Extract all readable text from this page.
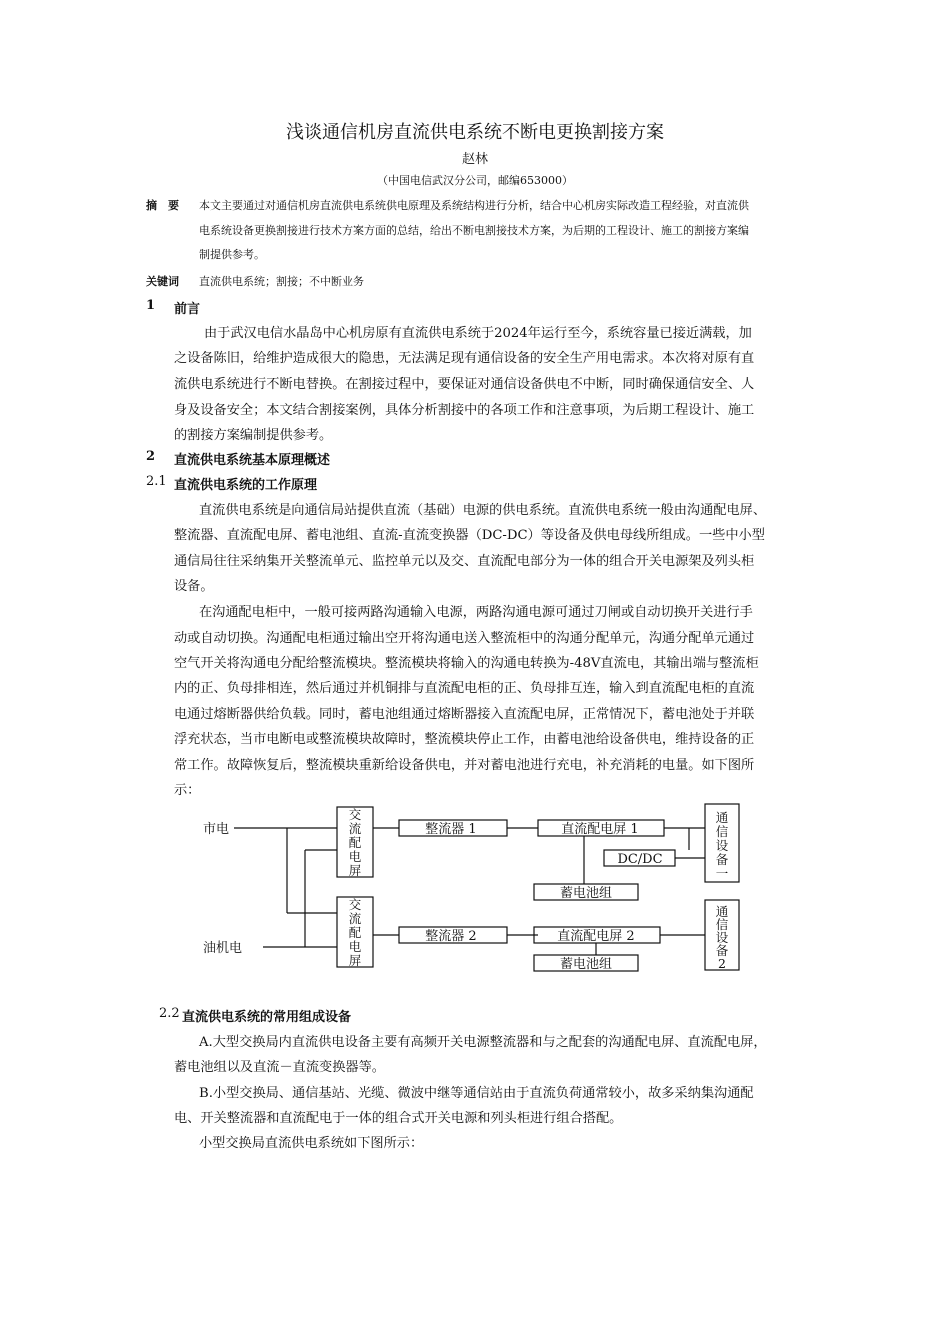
浅谈通信机房直流供电系统不断电更换割接方案
赵林
（中国电信武汉分公司，邮编653000）
摘　要 本文主要通过对通信机房直流供电系统供电原理及系统结构进行分析，结合中心机房实际改造工程经验，对直流供
电系统设备更换割接进行技术方案方面的总结，给出不断电割接技术方案，为后期的工程设计、施工的割接方案编
制提供参考。
关键词 直流供电系统；割接；不中断业务
1 前言
由于武汉电信水晶岛中心机房原有直流供电系统于2024年运行至今，系统容量已接近满载，加
之设备陈旧，给维护造成很大的隐患，无法满足现有通信设备的安全生产用电需求。本次将对原有直
流供电系统进行不断电替换。在割接过程中，要保证对通信设备供电不中断，同时确保通信安全、人
身及设备安全；本文结合割接案例，具体分析割接中的各项工作和注意事项，为后期工程设计、施工
的割接方案编制提供参考。
2 直流供电系统基本原理概述
2.1 直流供电系统的工作原理
直流供电系统是向通信局站提供直流（基础）电源的供电系统。直流供电系统一般由沟通配电屏、
整流器、直流配电屏、蓄电池组、直流-直流变换器（DC-DC）等设备及供电母线所组成。一些中小型
通信局往往采纳集开关整流单元、监控单元以及交、直流配电部分为一体的组合开关电源架及列头柜
设备。
在沟通配电柜中，一般可接两路沟通输入电源，两路沟通电源可通过刀闸或自动切换开关进行手
动或自动切换。沟通配电柜通过输出空开将沟通电送入整流柜中的沟通分配单元，沟通分配单元通过
空气开关将沟通电分配给整流模块。整流模块将输入的沟通电转换为-48V直流电，其输出端与整流柜
内的正、负母排相连，然后通过并机铜排与直流配电柜的正、负母排互连，输入到直流配电柜的直流
电通过熔断器供给负载。同时，蓄电池组通过熔断器接入直流配电屏，正常情况下，蓄电池处于并联
浮充状态，当市电断电或整流模块故障时，整流模块停止工作，由蓄电池给设备供电，维持设备的正
常工作。故障恢复后，整流模块重新给设备供电，并对蓄电池进行充电，补充消耗的电量。如下图所
示：
市电
油机电
整流器 1
整流器 2
直流配电屏 1
直流配电屏 2
DC/DC
蓄电池组
蓄电池组
交流配电屏
交流配电屏
通信设备一
通信设备 2
2.2 直流供电系统的常用组成设备
A.大型交换局内直流供电设备主要有高频开关电源整流器和与之配套的沟通配电屏、直流配电屏，
蓄电池组以及直流－直流变换器等。
B.小型交换局、通信基站、光缆、微波中继等通信站由于直流负荷通常较小，故多采纳集沟通配
电、开关整流器和直流配电于一体的组合式开关电源和列头柜进行组合搭配。
小型交换局直流供电系统如下图所示：
